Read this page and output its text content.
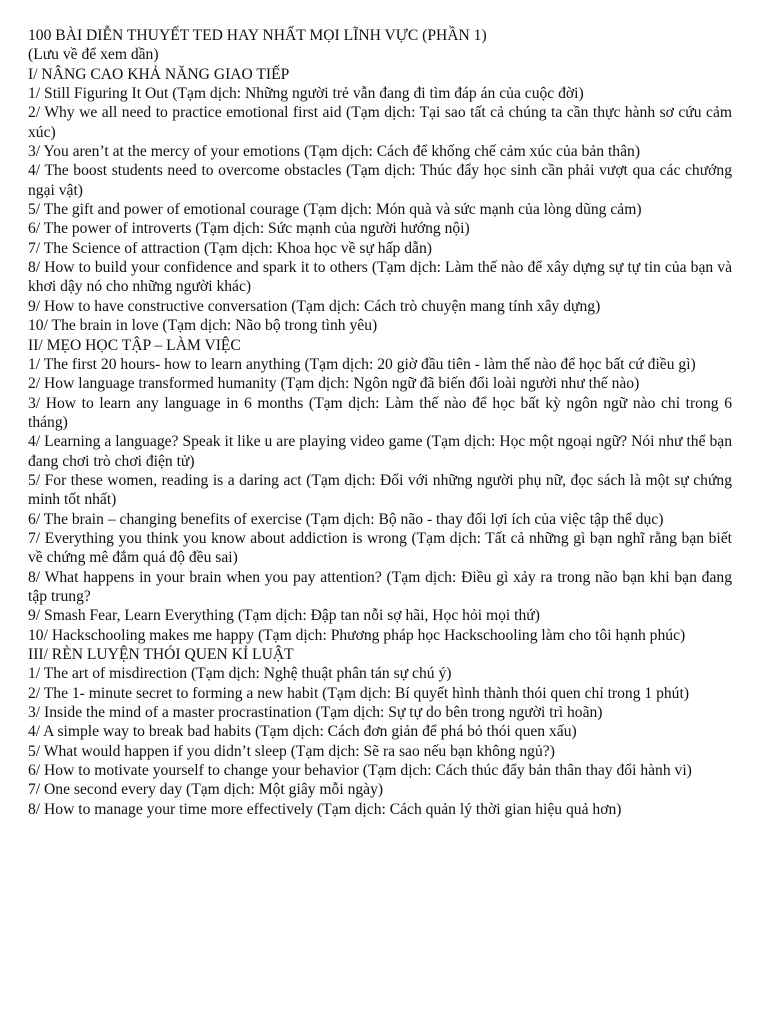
100 BÀI DIỄN THUYẾT TED HAY NHẤT MỌI LĨNH VỰC (PHẦN 1)

(Lưu về để xem dần)

I/ NÂNG CAO KHẢ NĂNG GIAO TIẾP

1/ Still Figuring It Out (Tạm dịch: Những người trẻ vẫn đang đi tìm đáp án của cuộc đời)

2/ Why we all need to practice emotional first aid (Tạm dịch: Tại sao tất cả chúng ta cần thực hành sơ cứu cảm xúc)

3/ You aren’t at the mercy of your emotions (Tạm dịch: Cách để khống chế cảm xúc của bản thân)

4/ The boost students need to overcome obstacles (Tạm dịch: Thúc đẩy học sinh cần phải vượt qua các chướng ngại vật)

5/ The gift and power of emotional courage (Tạm dịch: Món quà và sức mạnh của lòng dũng cảm)

6/ The power of introverts (Tạm dịch: Sức mạnh của người hướng nội)

7/ The Science of attraction (Tạm dịch: Khoa học về sự hấp dẫn)

8/ How to build your confidence and spark it to others (Tạm dịch: Làm thế nào để xây dựng sự tự tin của bạn và khơi dậy nó cho những người khác)

9/ How to have constructive conversation (Tạm dịch: Cách trò chuyện mang tính xây dựng)

10/ The brain in love (Tạm dịch: Não bộ trong tình yêu)

II/ MẸO HỌC TẬP – LÀM VIỆC

1/ The first 20 hours- how to learn anything (Tạm dịch: 20 giờ đầu tiên - làm thế nào để học bất cứ điều gì)

2/ How language transformed humanity (Tạm dịch: Ngôn ngữ đã biến đổi loài người như thế nào)

3/ How to learn any language in 6 months (Tạm dịch: Làm thế nào để học bất kỳ ngôn ngữ nào chỉ trong 6 tháng)

4/ Learning a language? Speak it like u are playing video game (Tạm dịch: Học một ngoại ngữ? Nói như thể bạn đang chơi trò chơi điện tử)

5/ For these women, reading is a daring act (Tạm dịch: Đối với những người phụ nữ, đọc sách là một sự chứng minh tốt nhất)

6/ The brain – changing benefits of exercise (Tạm dịch: Bộ não - thay đổi lợi ích của việc tập thể dục)

7/ Everything you think you know about addiction is wrong (Tạm dịch: Tất cả những gì bạn nghĩ rằng bạn biết về chứng mê đắm quá độ đều sai)

8/ What happens in your brain when you pay attention? (Tạm dịch: Điều gì xảy ra trong não bạn khi bạn đang tập trung?

9/ Smash Fear, Learn Everything (Tạm dịch: Đập tan nỗi sợ hãi, Học hỏi mọi thứ)

10/ Hackschooling makes me happy (Tạm dịch: Phương pháp học Hackschooling làm cho tôi hạnh phúc)

III/ RÈN LUYỆN THÓI QUEN KỈ LUẬT

1/ The art of misdirection (Tạm dịch: Nghệ thuật phân tán sự chú ý)

2/ The 1- minute secret to forming a new habit (Tạm dịch: Bí quyết hình thành thói quen chỉ trong 1 phút)

3/ Inside the mind of a master procrastination (Tạm dịch: Sự tự do bên trong người trì hoãn)

4/ A simple way to break bad habits (Tạm dịch: Cách đơn giản để phá bỏ thói quen xấu)

5/ What would happen if you didn’t sleep (Tạm dịch: Sẽ ra sao nếu bạn không ngủ?)

6/ How to motivate yourself to change your behavior (Tạm dịch: Cách thúc đẩy bản thân thay đổi hành vi)

7/ One second every day (Tạm dịch: Một giây mỗi ngày)

8/ How to manage your time more effectively (Tạm dịch: Cách quản lý thời gian hiệu quả hơn)
